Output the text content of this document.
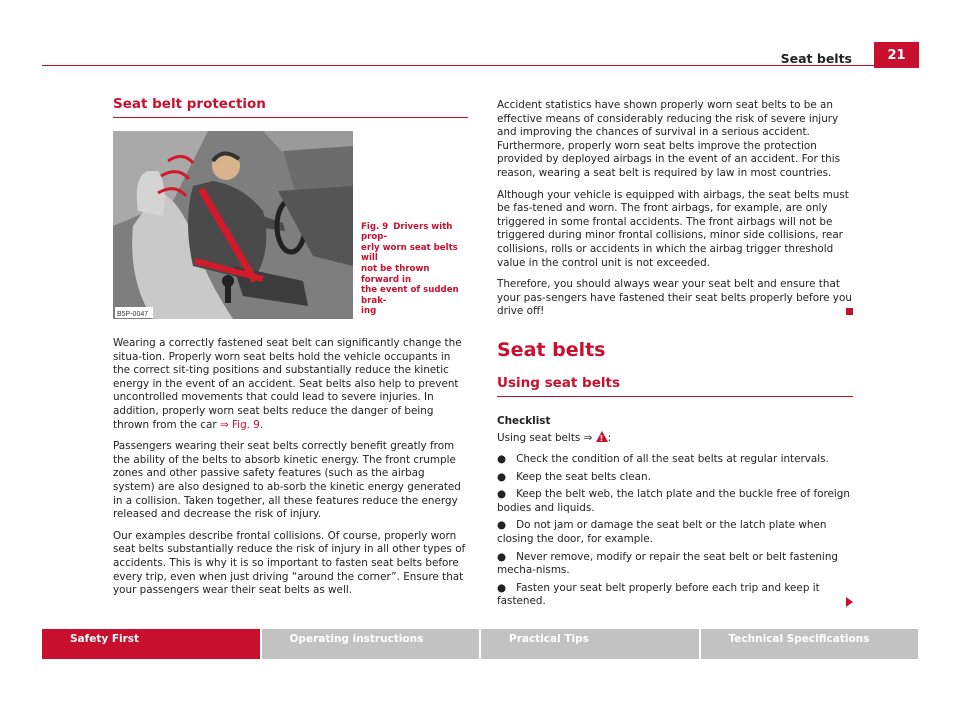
Seat belts	21
Seat belt protection
B5P-0047
Fig. 9 Drivers with prop-
erly worn seat belts will
not be thrown forward in
the event of sudden brak-
ing

Wearing a correctly fastened seat belt can significantly change the situa-tion. Properly worn seat belts hold the vehicle occupants in the correct sit-ting positions and substantially reduce the kinetic energy in the event of an accident. Seat belts also help to prevent uncontrolled movements that could lead to severe injuries. In addition, properly worn seat belts reduce the danger of being thrown from the car ⇒ Fig. 9.

Passengers wearing their seat belts correctly benefit greatly from the ability of the belts to absorb kinetic energy. The front crumple zones and other passive safety features (such as the airbag system) are also designed to ab-sorb the kinetic energy generated in a collision. Taken together, all these features reduce the energy released and decrease the risk of injury.

Our examples describe frontal collisions. Of course, properly worn seat belts substantially reduce the risk of injury in all other types of accidents. This is why it is so important to fasten seat belts before every trip, even when just driving “around the corner”. Ensure that your passengers wear their seat belts as well.

Accident statistics have shown properly worn seat belts to be an effective means of considerably reducing the risk of severe injury and improving the chances of survival in a serious accident. Furthermore, properly worn seat belts improve the protection provided by deployed airbags in the event of an accident. For this reason, wearing a seat belt is required by law in most countries.

Although your vehicle is equipped with airbags, the seat belts must be fas-tened and worn. The front airbags, for example, are only triggered in some frontal accidents. The front airbags will not be triggered during minor frontal collisions, minor side collisions, rear collisions, rolls or accidents in which the airbag trigger threshold value in the control unit is not exceeded.

Therefore, you should always wear your seat belt and ensure that your pas-sengers have fastened their seat belts properly before you drive off!

Seat belts
Using seat belts
Checklist

Using seat belts ⇒ ! :

● Check the condition of all the seat belts at regular intervals.
● Keep the seat belts clean.
● Keep the belt web, the latch plate and the buckle free of foreign bodies and liquids.
● Do not jam or damage the seat belt or the latch plate when closing the door, for example.
● Never remove, modify or repair the seat belt or belt fastening mecha-nisms.
● Fasten your seat belt properly before each trip and keep it fastened.
Safety First	Operating instructions	Practical Tips	Technical Specifications
